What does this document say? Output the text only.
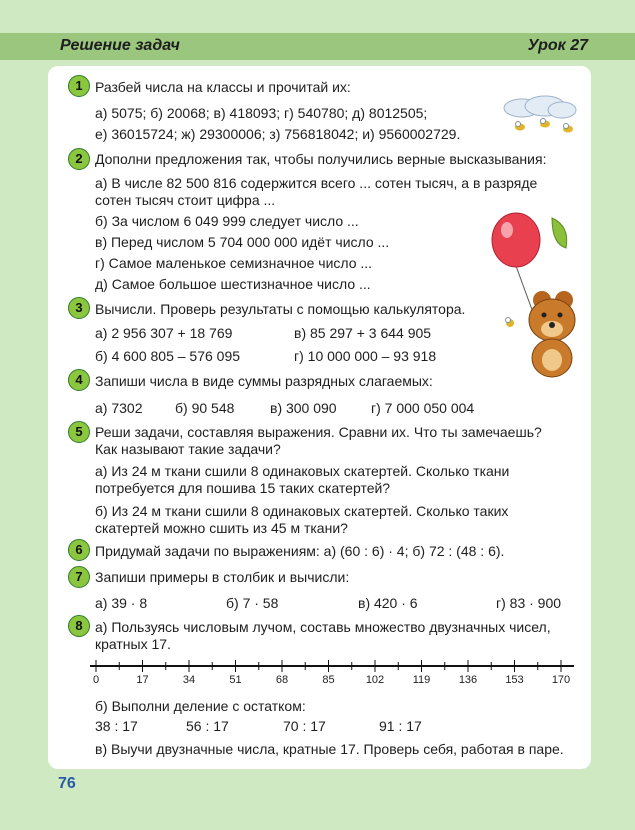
Решение задач	Урок 27
1 Разбей числа на классы и прочитай их:
а) 5075; б) 20068; в) 418093; г) 540780; д) 8012505;
е) 36015724; ж) 29300006; з) 756818042; и) 9560002729.
2 Дополни предложения так, чтобы получились верные высказывания:
а) В числе 82 500 816 содержится всего ... сотен тысяч, а в разряде
сотен тысяч стоит цифра ...
б) За числом 6 049 999 следует число ...
в) Перед числом 5 704 000 000 идёт число ...
г) Самое маленькое семизначное число ...
д) Самое большое шестизначное число ...
3 Вычисли. Проверь результаты с помощью калькулятора.
а) 2 956 307 + 18 769	в) 85 297 + 3 644 905
б) 4 600 805 – 576 095	г) 10 000 000 – 93 918
4 Запиши числа в виде суммы разрядных слагаемых:
а) 7302 б) 90 548	в) 300 090 г) 7 000 050 004
5 Реши задачи, составляя выражения. Сравни их. Что ты замечаешь?
Как называют такие задачи?
а) Из 24 м ткани сшили 8 одинаковых скатертей. Сколько ткани
потребуется для пошива 15 таких скатертей?
б) Из 24 м ткани сшили 8 одинаковых скатертей. Сколько таких
скатертей можно сшить из 45 м ткани?
6 Придумай задачи по выражениям: а) (60 : 6) · 4; б) 72 : (48 : 6).
7 Запиши примеры в столбик и вычисли:
а) 39 · 8	б) 7 · 58	в) 420 · 6	г) 83 · 900
8 а) Пользуясь числовым лучом, составь множество двузначных чисел,
кратных 17.
0	17	34	51	68	85	102	119	136	153	170
б) Выполни деление с остатком:
38 : 17	56 : 17	70 : 17	91 : 17
в) Выучи двузначные числа, кратные 17. Проверь себя, работая в паре.
76
